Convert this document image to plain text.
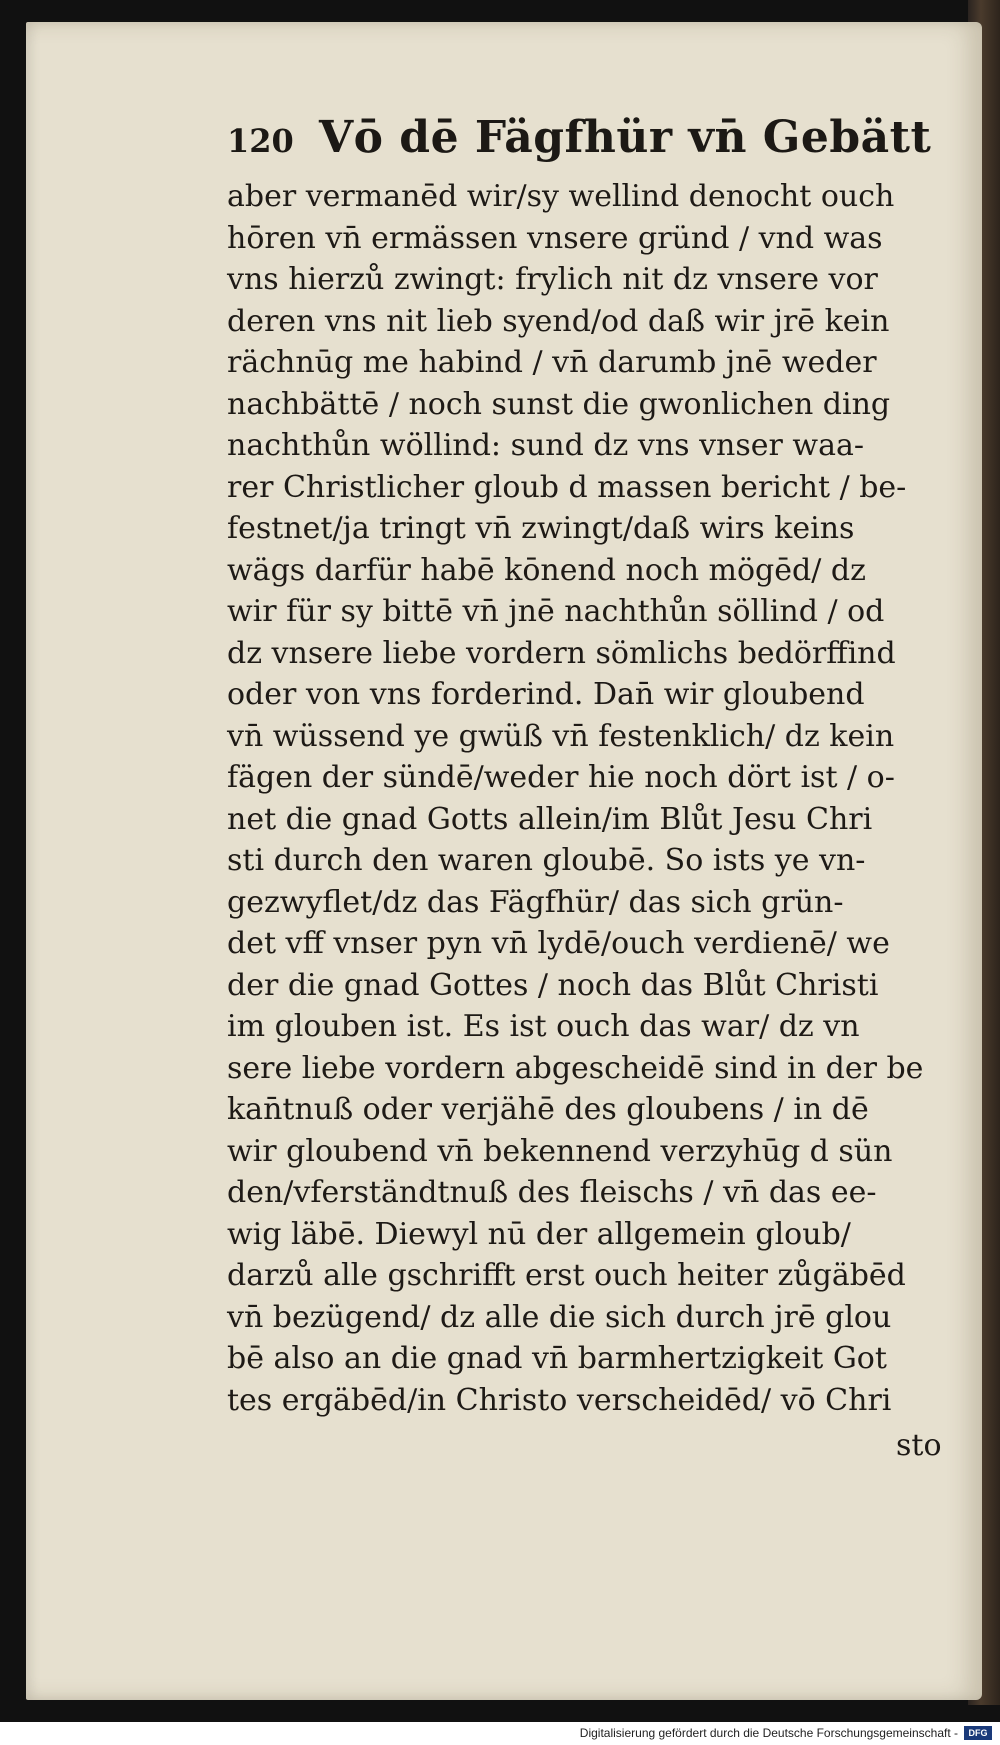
120 Vō dē Fägfhür vn̄ Gebätt
aber vermanēd wir/sy wellind denocht ouch
hōren vn̄ ermässen vnsere gründ / vnd was
vns hierzů zwingt: frylich nit dz vnsere vor
deren vns nit lieb syend/od daß wir jrē kein
rächnūg me habind / vn̄ darumb jnē weder
nachbättē / noch sunst die gwonlichen ding
nachthůn wöllind: sund dz vns vnser waa-
rer Christlicher gloub d massen bericht / be-
festnet/ja tringt vn̄ zwingt/daß wirs keins
wägs darfür habē kōnend noch mögēd/ dz
wir für sy bittē vn̄ jnē nachthůn söllind / od
dz vnsere liebe vordern sömlichs bedörffind
oder von vns forderind. Dan̄ wir gloubend
vn̄ wüssend ye gwüß vn̄ festenklich/ dz kein
fägen der sündē/weder hie noch dört ist / o-
net die gnad Gotts allein/im Blůt Jesu Chri
sti durch den waren gloubē. So ists ye vn-
gezwyflet/dz das Fägfhür/ das sich grün-
det vff vnser pyn vn̄ lydē/ouch verdienē/ we
der die gnad Gottes / noch das Blůt Christi
im glouben ist. Es ist ouch das war/ dz vn
sere liebe vordern abgescheidē sind in der be
kan̄tnuß oder verjähē des gloubens / in dē
wir gloubend vn̄ bekennend verzyhūg d sün
den/vferständtnuß des fleischs / vn̄ das ee-
wig läbē. Diewyl nū der allgemein gloub/
darzů alle gschrifft erst ouch heiter zůgäbēd
vn̄ bezügend/ dz alle die sich durch jrē glou
bē also an die gnad vn̄ barmhertzigkeit Got
tes ergäbēd/in Christo verscheidēd/ vō Chri
sto
Digitalisierung gefördert durch die Deutsche Forschungsgemeinschaft -	DFG
